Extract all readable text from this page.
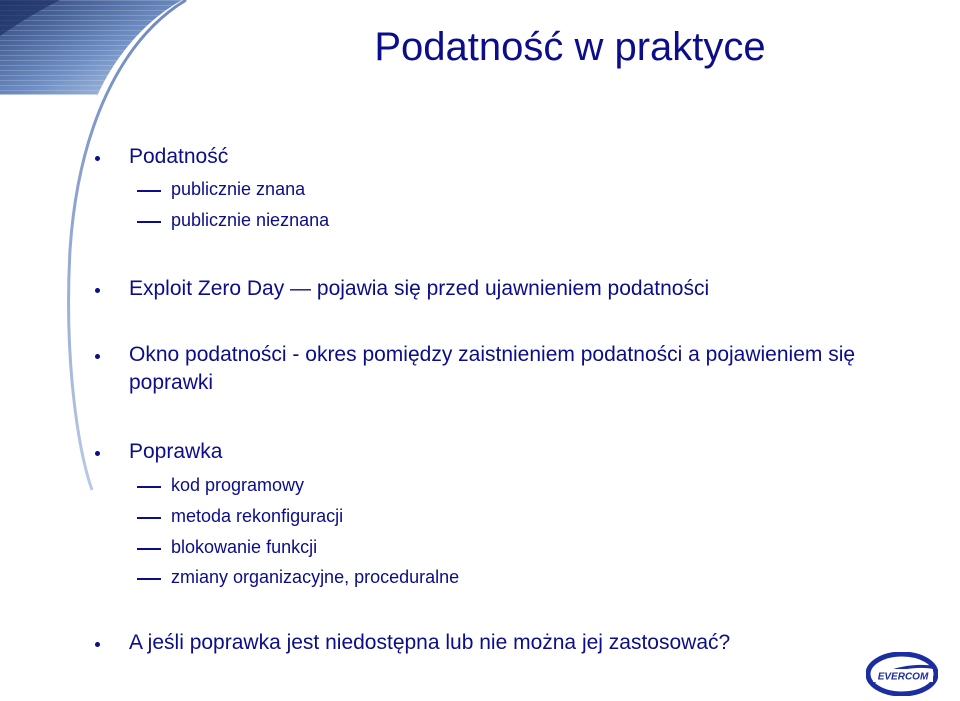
Podatność w praktyce
Podatność
publicznie znana
publicznie nieznana
Exploit Zero Day — pojawia się przed ujawnieniem podatności
Okno podatności - okres pomiędzy zaistnieniem podatności a pojawieniem się poprawki
Poprawka
kod programowy
metoda rekonfiguracji
blokowanie funkcji
zmiany organizacyjne, proceduralne
A jeśli poprawka jest niedostępna lub nie można jej zastosować?
EVERCOM
